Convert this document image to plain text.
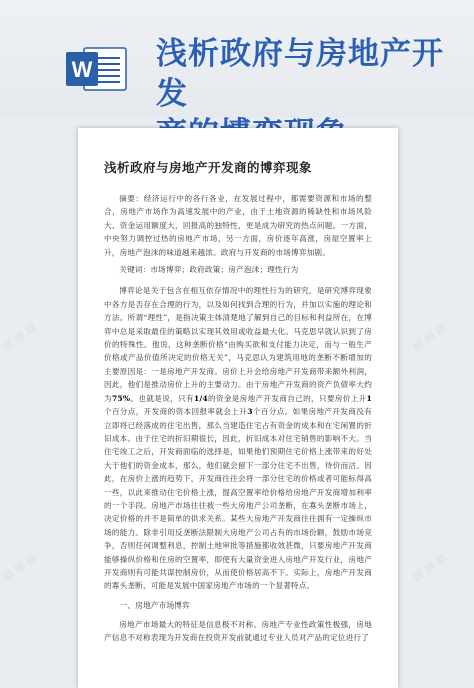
W 浅析政府与房地产开发
浅析政府与房地产开发商的博弈现象

摘要：经济运行中的各行各业，在发展过程中，都需要资源和市场的整合，房地产市场作为高速发展中的产业，由于土地资源的稀缺性和市场风险大、资金运用额度大，回报高的独特性，更是成为研究的热点问题。一方面，中央努力调控过热的房地产市场，另一方面，房价逐年高涨，房屋空置率上升，房地产泡沫的味道越来越浓。政府与开发商的市场博弈加剧。

关键词：市场博弈；政府政策；房产泡沫；理性行为

博弈论是关于包含在相互依存情况中的理性行为的研究，是研究博弈现象中各方是否存在合理的行为，以及如何找到合理的行为，并加以实施的理论和方法。所谓“理性”，是指决策主体清楚地了解到自己的目标和利益所在，在博弈中总是采取最佳的策略以实现其效用或收益最大化。马克思早就认识到了房价的特殊性。他说，这种垄断价格“由购买欲和支付能力决定，而与一般生产价格或产品价值所决定的价格无关”，马克思认为建筑用地的垄断不断增加的主要原因是：一是房地产开发商。房价上升会给房地产开发商带来额外利润，因此，他们是推动房价上升的主要动力。由于房地产开发商的资产负债率大约为75%。也就是说，只有1/4的资金是房地产开发商自己的，只要房价上升1个百分点，开发商的资本回报率就会上升3个百分点。如果房地产开发商没有立即将已经落成的住宅出售，那么当建造住宅占有资金的成本和在宅闲置的折旧成本。由于住宅的折旧期很长，因此，折旧成本对住宅销售的影响不大。当住宅竣工之后，开发商面临的选择是，如果他们预期住宅价格上涨带来的好处大于他们的资金成本，那么，他们就会留下一部分住宅不出售，待价而沽。因此，在房价上涨的趋势下，开发商往往会将一部分住宅的价格或者可能标得高一些，以此来推动住宅价格上涨，提高空置率给价格给房地产开发商增加利率的一个手段。房地产市场往往被一些大房地产公司垄断，在寡头垄断市场上，决定价格的并不是简单的供求关系。某些大房地产开发商往往拥有一定操纵市场的能力。除非引用反垄断法限制大房地产公司占有的市场份额，鼓励市场竞争，否则任何调整利息，控制土地审批等措施都收效甚微，只要房地产开发商能够操纵价格和住房的空置率，即使有大量资金进入房地产开发行业，房地产开发商则有可能共谋控制房价，从而使价格居高不下。实际上，房地产开发商的寡头垄断，可能是发展中国家房地产市场的一个显著特点。

一、房地产市场博弈

房地产市场最大的特征是信息极不对称。房地产专业性政策性极强，房地产信息不对称表现为开发商在投资开发前就通过专业人员对产品的定位进行了

▤ ▤ ▤	▤ ▤ ▤
▤ ▤ ▤	▤ ▤ ▤
